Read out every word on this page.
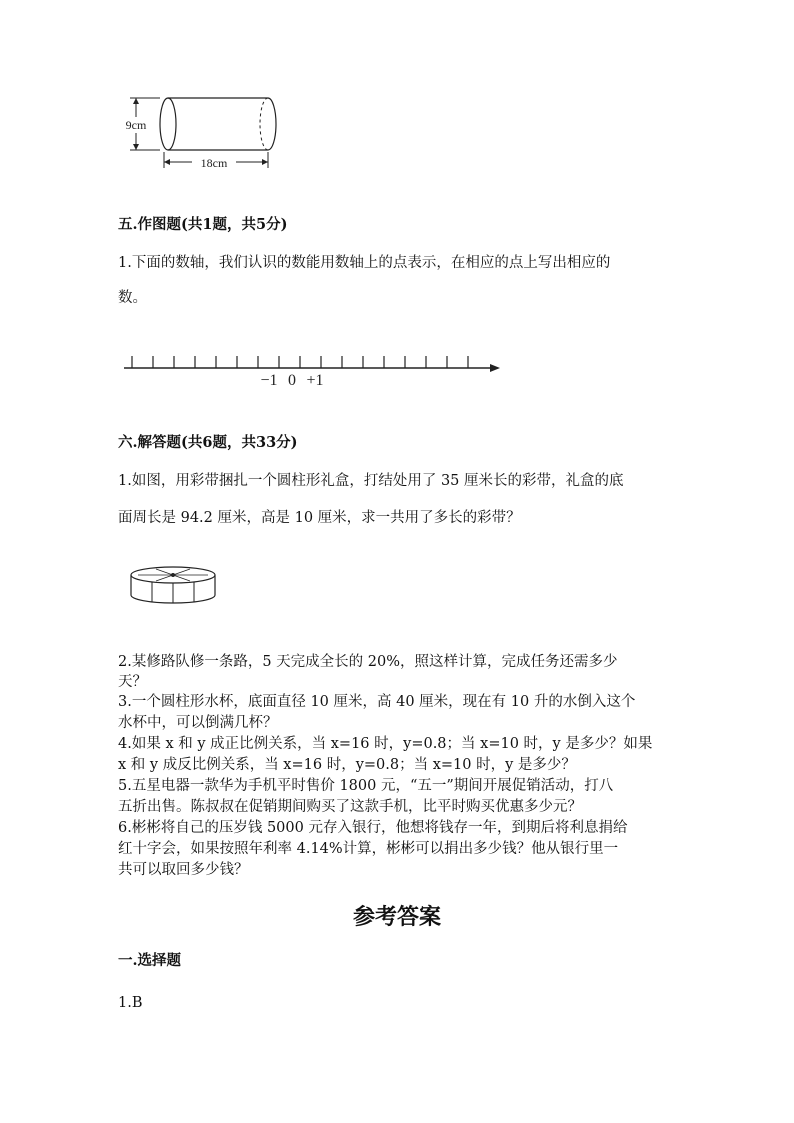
9cm
18cm

五.作图题(共1题，共5分)

1.下面的数轴，我们认识的数能用数轴上的点表示，在相应的点上写出相应的

数。

−1 0 +1

六.解答题(共6题，共33分)

1.如图，用彩带捆扎一个圆柱形礼盒，打结处用了 35 厘米长的彩带，礼盒的底

面周长是 94.2 厘米，高是 10 厘米，求一共用了多长的彩带？

2.某修路队修一条路，5 天完成全长的 20%，照这样计算，完成任务还需多少

天？

3.一个圆柱形水杯，底面直径 10 厘米，高 40 厘米，现在有 10 升的水倒入这个

水杯中，可以倒满几杯？

4.如果 x 和 y 成正比例关系，当 x=16 时，y=0.8；当 x=10 时，y 是多少？如果

x 和 y 成反比例关系，当 x=16 时，y=0.8；当 x=10 时，y 是多少？

5.五星电器一款华为手机平时售价 1800 元，“五一”期间开展促销活动，打八

五折出售。陈叔叔在促销期间购买了这款手机，比平时购买优惠多少元？

6.彬彬将自己的压岁钱 5000 元存入银行，他想将钱存一年，到期后将利息捐给

红十字会，如果按照年利率 4.14%计算，彬彬可以捐出多少钱？他从银行里一

共可以取回多少钱？

参考答案

一.选择题

1.B
